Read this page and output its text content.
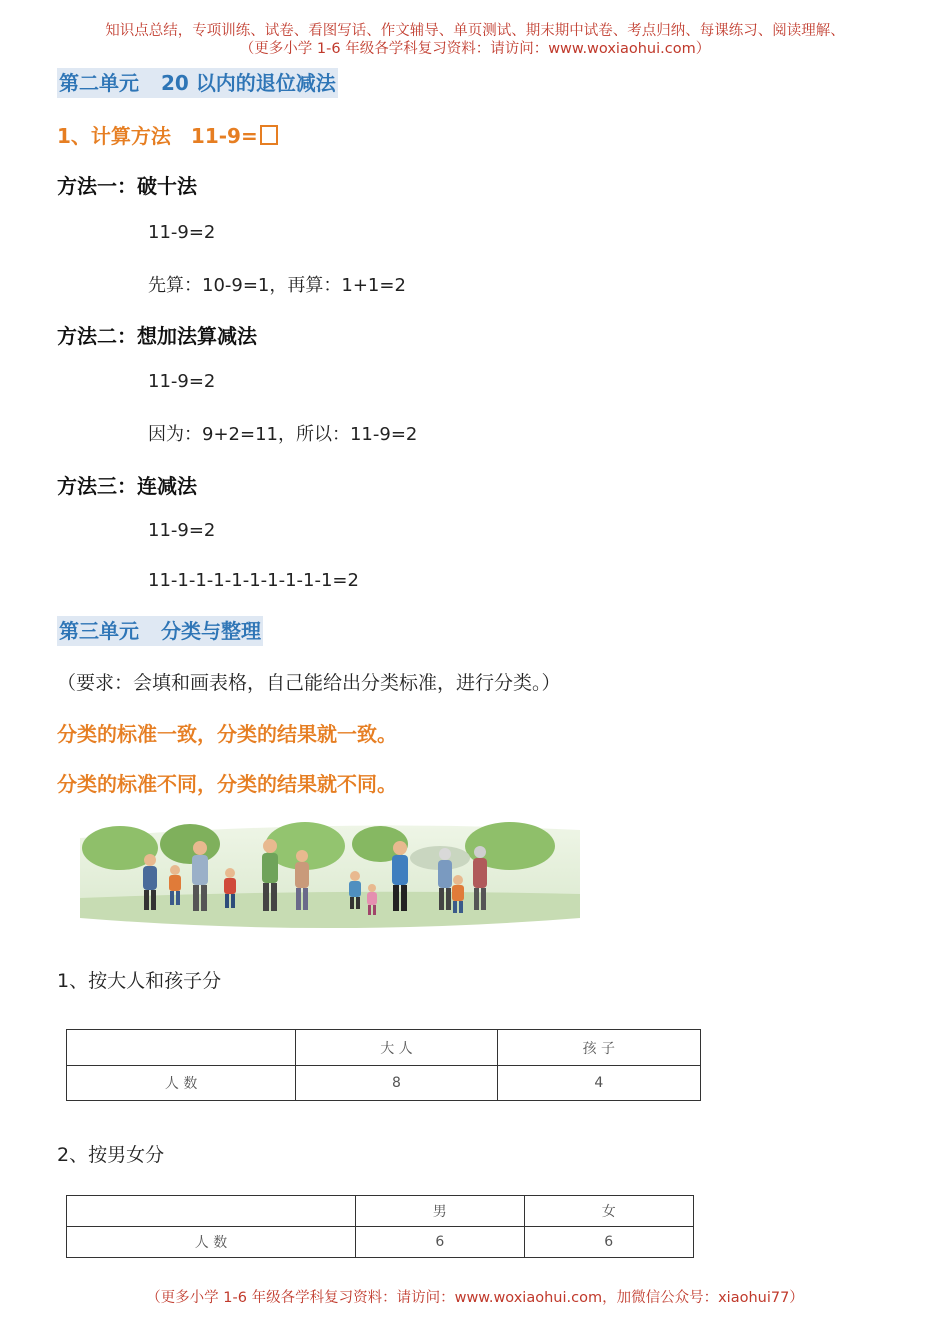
知识点总结，专项训练、试卷、看图写话、作文辅导、单页测试、期末期中试卷、考点归纳、每课练习、阅读理解、
（更多小学 1-6 年级各学科复习资料：请访问：www.woxiaohui.com）
第二单元 20 以内的退位减法
1、计算方法　11-9=
方法一：破十法
11-9=2
先算：10-9=1，再算：1+1=2
方法二：想加法算减法
11-9=2
因为：9+2=11，所以：11-9=2
方法三：连减法
11-9=2
11-1-1-1-1-1-1-1-1-1=2
第三单元 分类与整理
（要求：会填和画表格，自己能给出分类标准，进行分类。）
分类的标准一致，分类的结果就一致。
分类的标准不同，分类的结果就不同。
1、按大人和孩子分
	大 人	孩 子
人 数	8	4
2、按男女分
	男	女
人 数	6	6
（更多小学 1-6 年级各学科复习资料：请访问：www.woxiaohui.com，加微信公众号：xiaohui77）
